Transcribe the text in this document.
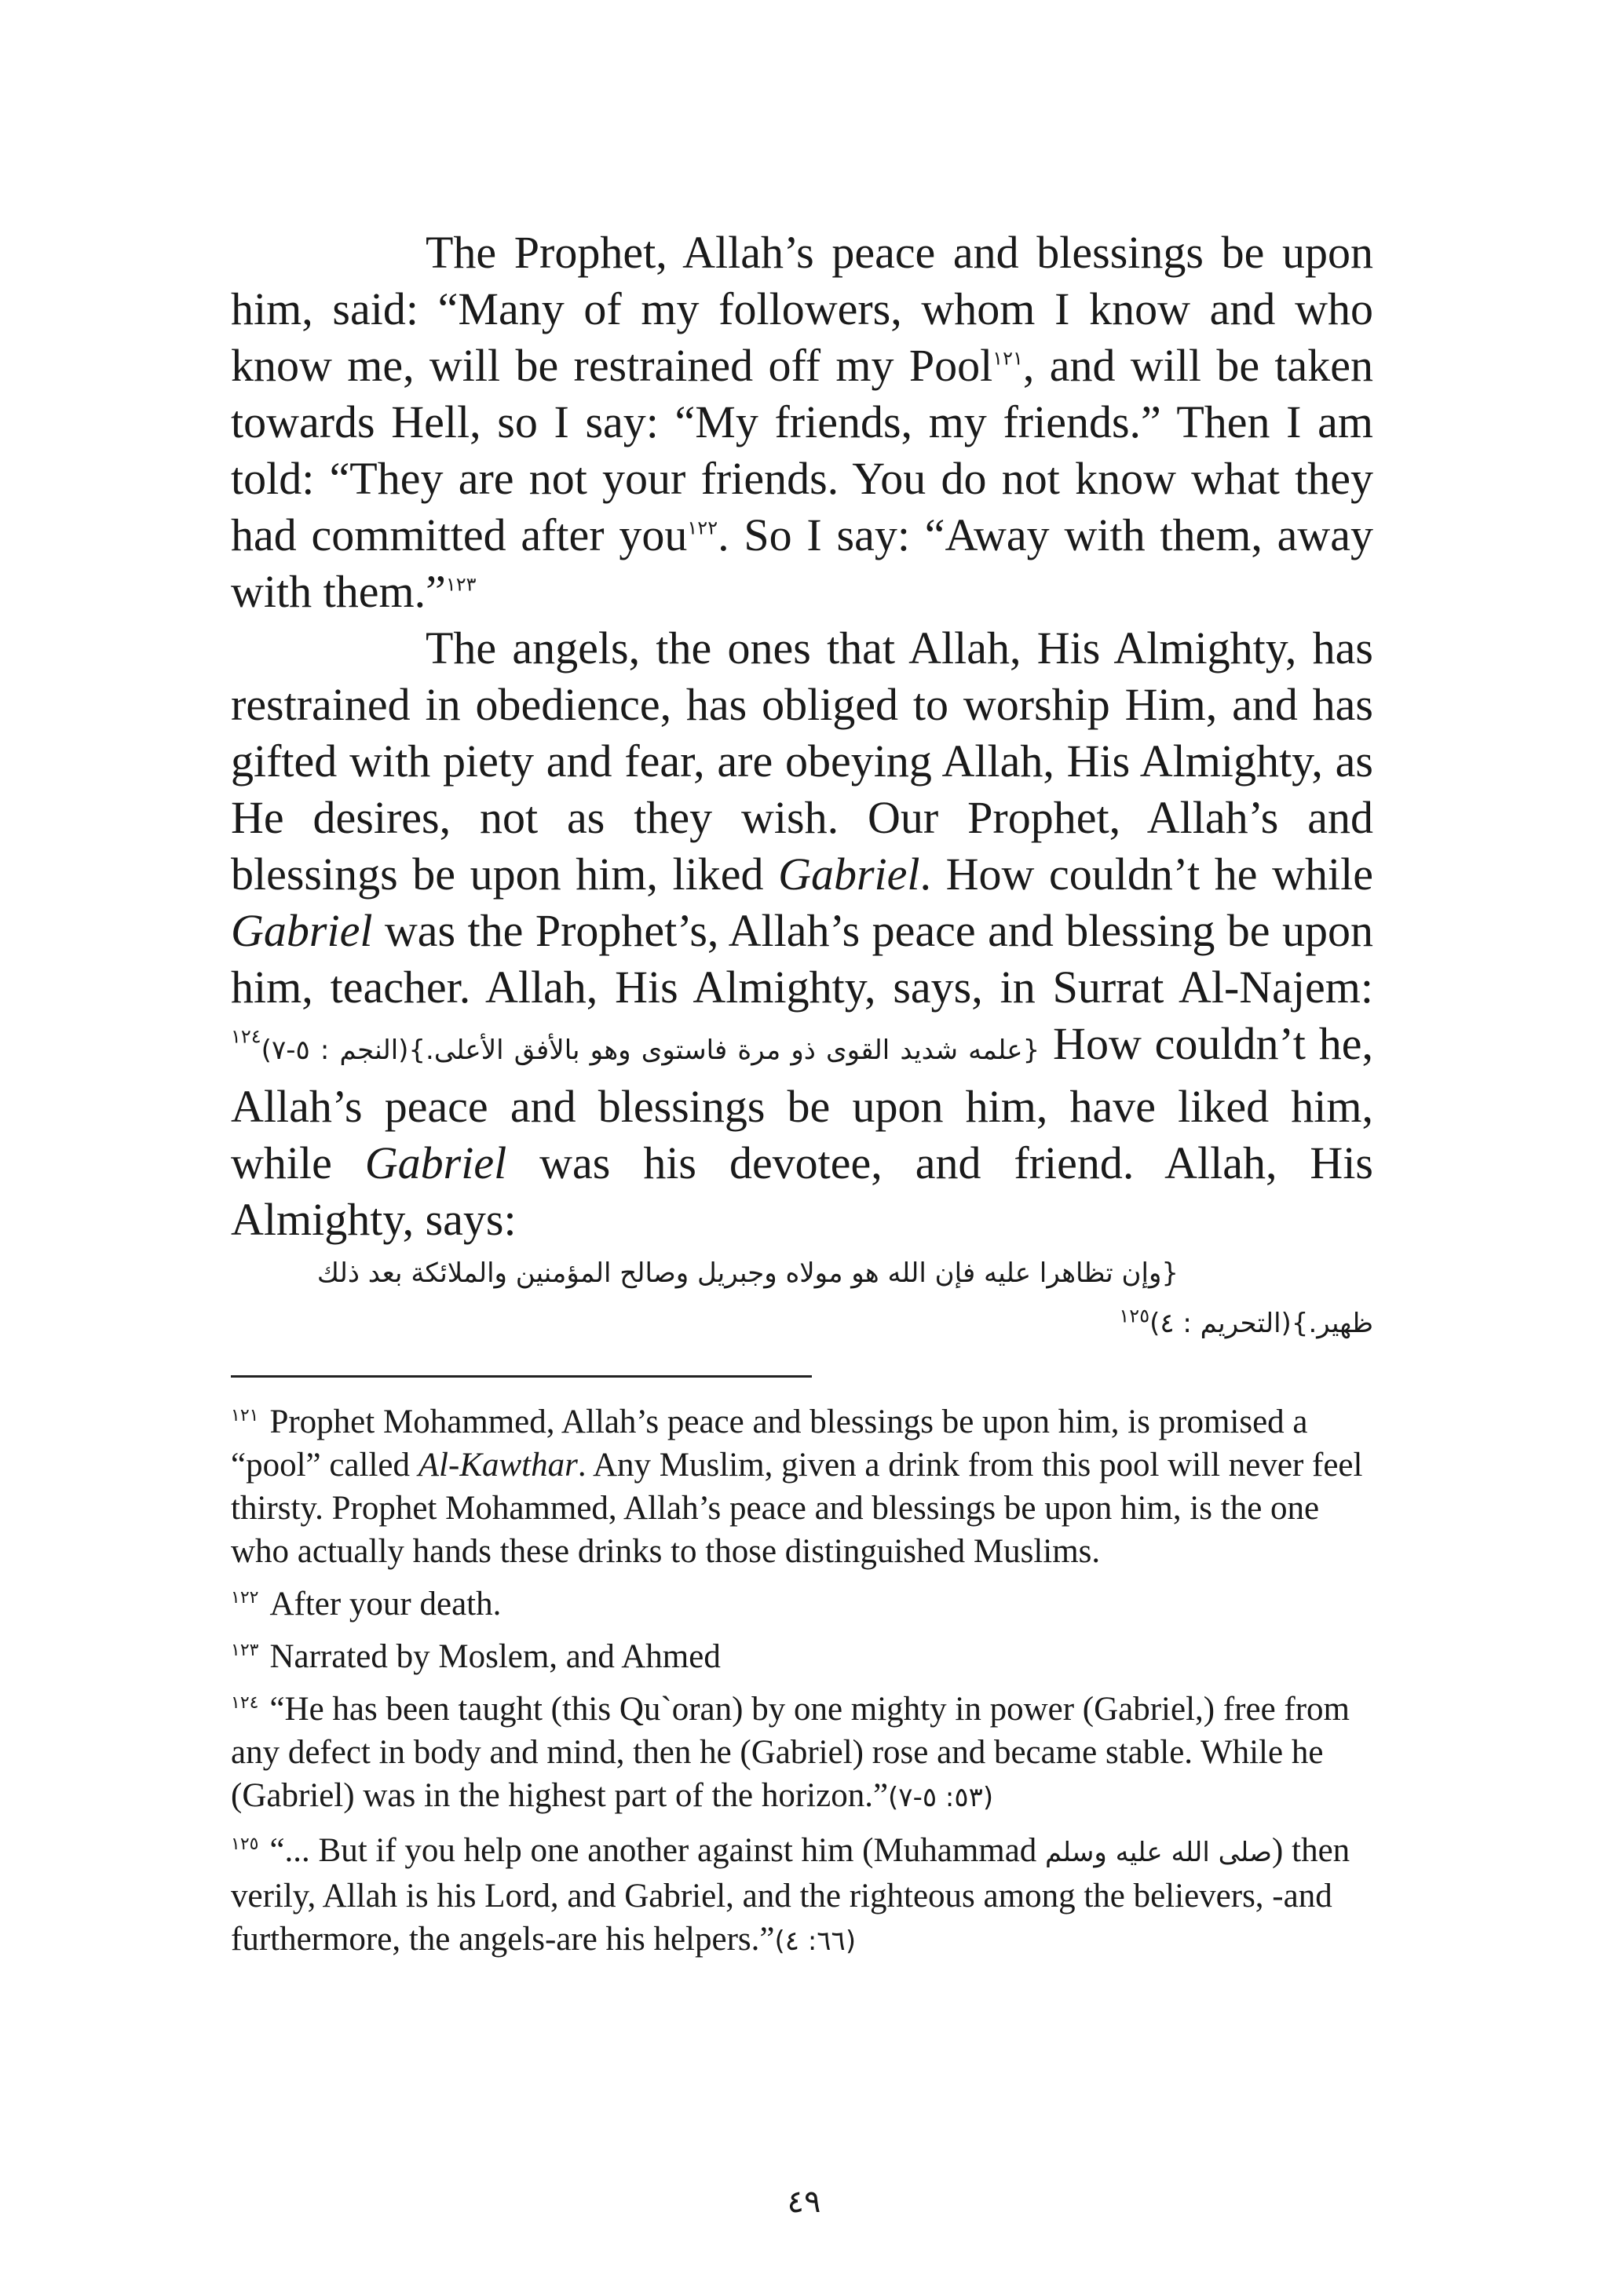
The Prophet, Allah’s peace and blessings be upon him, said: “Many of my followers, whom I know and who know me, will be restrained off my Pool$^{١٢١}$, and will be taken towards Hell, so I say: “My friends, my friends.” Then I am told: “They are not your friends. You do not know what they had committed after you$^{١٢٢}$. So I say: “Away with them, away with them.”$^{١٢٣}$

The angels, the ones that Allah, His Almighty, has restrained in obedience, has obliged to worship Him, and has gifted with piety and fear, are obeying Allah, His Almighty, as He desires, not as they wish. Our Prophet, Allah’s and blessings be upon him, liked Gabriel. How couldn’t he while Gabriel was the Prophet’s, Allah’s peace and blessing be upon him, teacher. Allah, His Almighty, says, in Surrat Al-Najem: {علمه شديد القوى ذو مرة فاستوى وهو بالأفق الأعلى.}(النجم : ٥-٧)$^{١٢٤}$	How couldn’t he, Allah’s peace and blessings be upon him, have liked him, while Gabriel was his devotee, and friend. Allah, His Almighty, says:
{وإن تظاهرا عليه فإن الله هو مولاه وجبريل وصالح المؤمنين والملائكة بعد ذلك ظهير.}(التحريم : ٤)$^{١٢٥}$

$^{١٢١}$ Prophet Mohammed, Allah’s peace and blessings be upon him, is promised a “pool” called Al-Kawthar. Any Muslim, given a drink from this pool will never feel thirsty. Prophet Mohammed, Allah’s peace and blessings be upon him, is the one who actually hands these drinks to those distinguished Muslims.

$^{١٢٢}$ After your death.

$^{١٢٣}$ Narrated by Moslem, and Ahmed

$^{١٢٤}$ “He has been taught (this Qu`oran) by one mighty in power (Gabriel,) free from any defect in body and mind, then he (Gabriel) rose and became stable. While he (Gabriel) was in the highest part of the horizon.”(٥٣: ٥-٧)

$^{١٢٥}$ “... But if you help one another against him (Muhammad صلى الله عليه وسلم) then verily, Allah is his Lord, and Gabriel, and the righteous among the believers, -and furthermore, the angels-are his helpers.”(٦٦: ٤)

٤٩
